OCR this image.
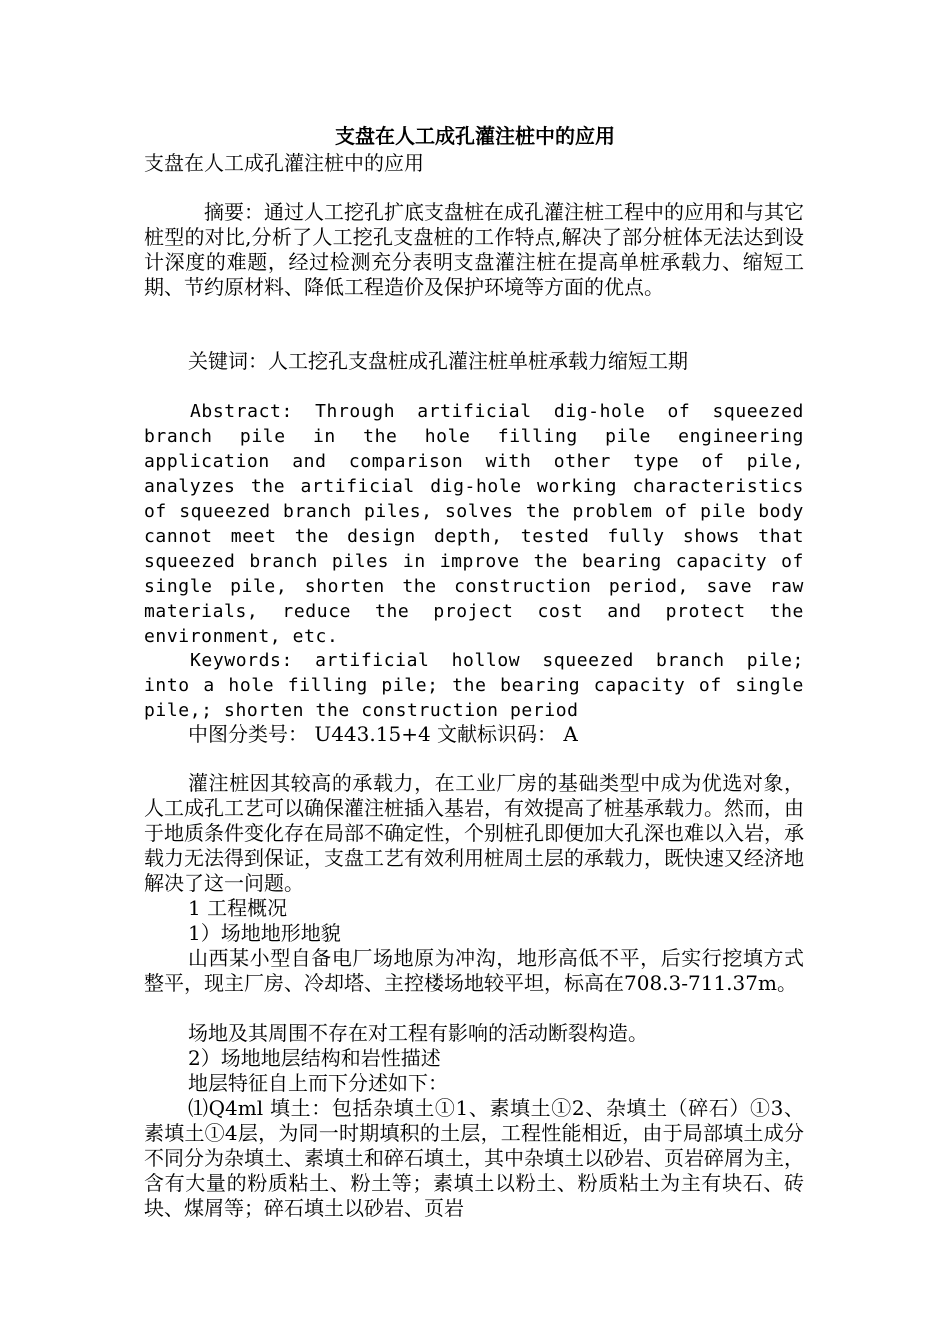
支盘在人工成孔灌注桩中的应用
支盘在人工成孔灌注桩中的应用

摘要：通过人工挖孔扩底支盘桩在成孔灌注桩工程中的应用和与其它桩型的对比,分析了人工挖孔支盘桩的工作特点,解决了部分桩体无法达到设计深度的难题，经过检测充分表明支盘灌注桩在提高单桩承载力、缩短工期、节约原材料、降低工程造价及保护环境等方面的优点。

关键词：人工挖孔支盘桩成孔灌注桩单桩承载力缩短工期

Abstract: Through artificial dig-hole of squeezed branch pile in the hole filling pile engineering application and comparison with other type of pile, analyzes the artificial dig-hole working characteristics of squeezed branch piles, solves the problem of pile body cannot meet the design depth, tested fully shows that squeezed branch piles in improve the bearing capacity of single pile, shorten the construction period, save raw materials, reduce the project cost and protect the environment, etc.

Keywords: artificial hollow squeezed branch pile; into a hole filling pile; the bearing capacity of single pile,; shorten the construction period

中图分类号： U443.15+4 文献标识码： A

灌注桩因其较高的承载力，在工业厂房的基础类型中成为优选对象，人工成孔工艺可以确保灌注桩插入基岩，有效提高了桩基承载力。然而，由于地质条件变化存在局部不确定性，个别桩孔即便加大孔深也难以入岩，承载力无法得到保证，支盘工艺有效利用桩周土层的承载力，既快速又经济地解决了这一问题。

1 工程概况

1）场地地形地貌

山西某小型自备电厂场地原为冲沟，地形高低不平，后实行挖填方式整平，现主厂房、冷却塔、主控楼场地较平坦，标高在708.3-711.37m。

场地及其周围不存在对工程有影响的活动断裂构造。

2）场地地层结构和岩性描述

地层特征自上而下分述如下：

⑴Q4ml 填土：包括杂填土①1、素填土①2、杂填土（碎石）①3、素填土①4层，为同一时期填积的土层，工程性能相近，由于局部填土成分不同分为杂填土、素填土和碎石填土，其中杂填土以砂岩、页岩碎屑为主，含有大量的粉质粘土、粉土等；素填土以粉土、粉质粘土为主有块石、砖块、煤屑等；碎石填土以砂岩、页岩
